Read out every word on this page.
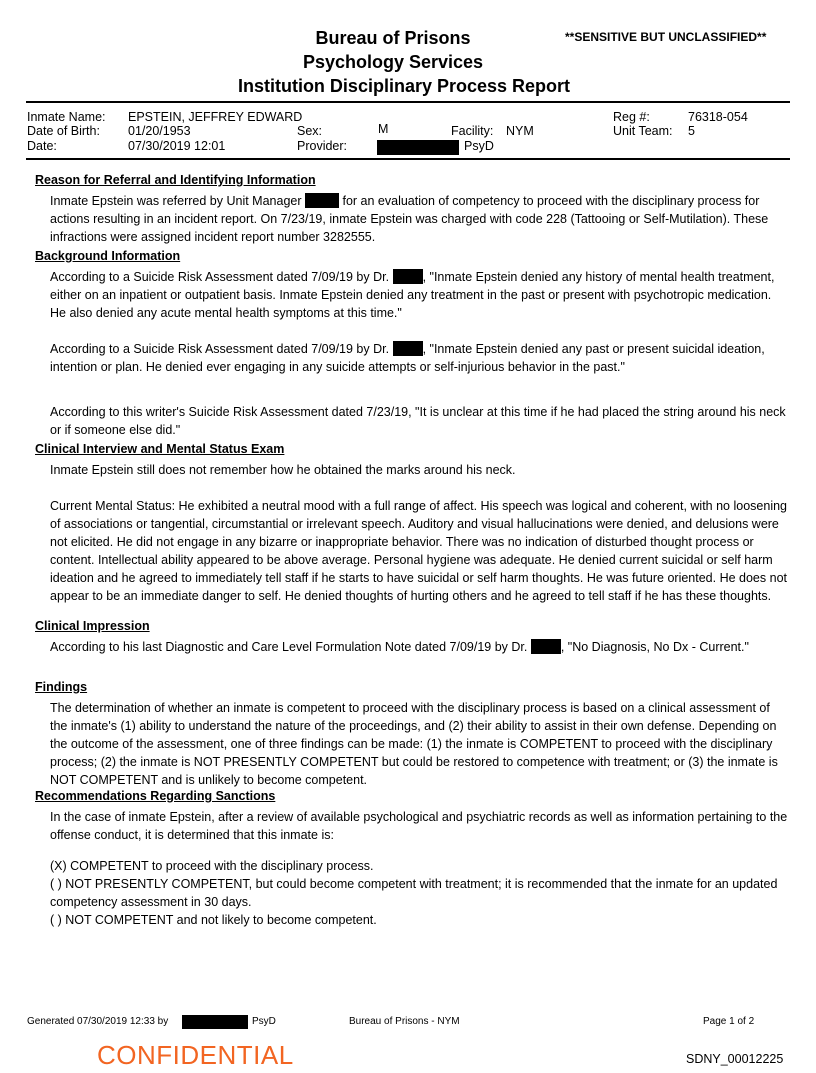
Bureau of Prisons
Psychology Services
Institution Disciplinary Process Report
**SENSITIVE BUT UNCLASSIFIED**
Inmate Name: EPSTEIN, JEFFREY EDWARD
Date of Birth: 01/20/1953
Date:	07/30/2019 12:01
Sex:	M
Provider:	PsyD
Facility: NYM
Reg #:	76318-054
Unit Team: 5
Reason for Referral and Identifying Information
Inmate Epstein was referred by Unit Manager	for an evaluation of competency to proceed with the disciplinary process for actions resulting in an incident report. On 7/23/19, inmate Epstein was charged with code 228 (Tattooing or Self-Mutilation). These infractions were assigned incident report number 3282555.
Background Information
According to a Suicide Risk Assessment dated 7/09/19 by Dr.	, "Inmate Epstein denied any history of mental health treatment, either on an inpatient or outpatient basis. Inmate Epstein denied any treatment in the past or present with psychotropic medication. He also denied any acute mental health symptoms at this time."
According to a Suicide Risk Assessment dated 7/09/19 by Dr.	, "Inmate Epstein denied any past or present suicidal ideation, intention or plan. He denied ever engaging in any suicide attempts or self-injurious behavior in the past."
According to this writer's Suicide Risk Assessment dated 7/23/19, "It is unclear at this time if he had placed the string around his neck or if someone else did."
Clinical Interview and Mental Status Exam
Inmate Epstein still does not remember how he obtained the marks around his neck.
Current Mental Status: He exhibited a neutral mood with a full range of affect. His speech was logical and coherent, with no loosening of associations or tangential, circumstantial or irrelevant speech. Auditory and visual hallucinations were denied, and delusions were not elicited. He did not engage in any bizarre or inappropriate behavior. There was no indication of disturbed thought process or content. Intellectual ability appeared to be above average. Personal hygiene was adequate. He denied current suicidal or self harm ideation and he agreed to immediately tell staff if he starts to have suicidal or self harm thoughts. He was future oriented. He does not appear to be an immediate danger to self. He denied thoughts of hurting others and he agreed to tell staff if he has these thoughts.
Clinical Impression
According to his last Diagnostic and Care Level Formulation Note dated 7/09/19 by Dr.	, "No Diagnosis, No Dx - Current."
Findings
The determination of whether an inmate is competent to proceed with the disciplinary process is based on a clinical assessment of the inmate's (1) ability to understand the nature of the proceedings, and (2) their ability to assist in their own defense. Depending on the outcome of the assessment, one of three findings can be made: (1) the inmate is COMPETENT to proceed with the disciplinary process; (2) the inmate is NOT PRESENTLY COMPETENT but could be restored to competence with treatment; or (3) the inmate is NOT COMPETENT and is unlikely to become competent.
Recommendations Regarding Sanctions
In the case of inmate Epstein, after a review of available psychological and psychiatric records as well as information pertaining to the offense conduct, it is determined that this inmate is:
(X) COMPETENT to proceed with the disciplinary process.
( ) NOT PRESENTLY COMPETENT, but could become competent with treatment; it is recommended that the inmate for an updated competency assessment in 30 days.
( ) NOT COMPETENT and not likely to become competent.
Generated 07/30/2019 12:33 by	PsyD	Bureau of Prisons - NYM	Page 1 of 2
CONFIDENTIAL	SDNY_00012225
